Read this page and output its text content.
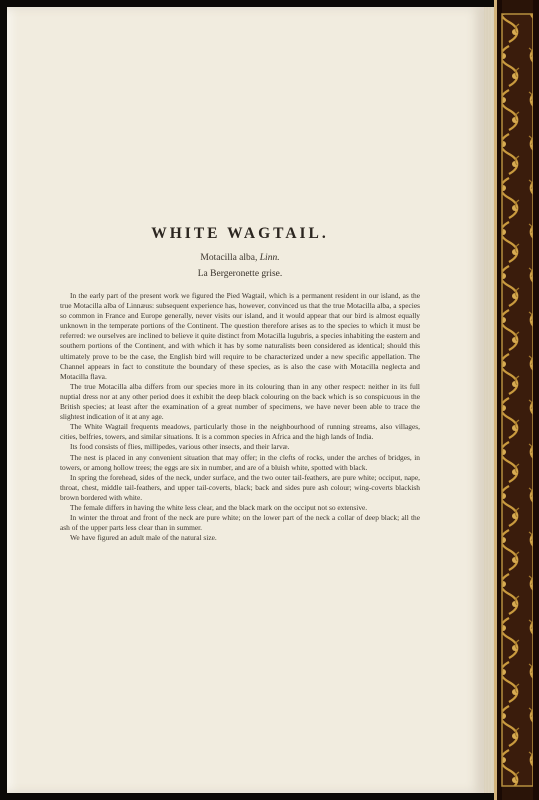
WHITE WAGTAIL.

Motacilla alba, Linn.

La Bergeronette grise.

In the early part of the present work we figured the Pied Wagtail, which is a permanent resident in our island, as the true Motacilla alba of Linnæus: subsequent experience has, however, convinced us that the true Motacilla alba, a species so common in France and Europe generally, never visits our island, and it would appear that our bird is almost equally unknown in the temperate portions of the Continent. The question therefore arises as to the species to which it must be referred: we ourselves are inclined to believe it quite distinct from Motacilla lugubris, a species inhabiting the eastern and southern portions of the Continent, and with which it has by some naturalists been considered as identical; should this ultimately prove to be the case, the English bird will require to be characterized under a new specific appellation. The Channel appears in fact to constitute the boundary of these species, as is also the case with Motacilla neglecta and Motacilla flava.

The true Motacilla alba differs from our species more in its colouring than in any other respect: neither in its full nuptial dress nor at any other period does it exhibit the deep black colouring on the back which is so conspicuous in the British species; at least after the examination of a great number of specimens, we have never been able to trace the slightest indication of it at any age.

The White Wagtail frequents meadows, particularly those in the neighbourhood of running streams, also villages, cities, belfries, towers, and similar situations. It is a common species in Africa and the high lands of India.

Its food consists of flies, millipedes, various other insects, and their larvæ.

The nest is placed in any convenient situation that may offer; in the clefts of rocks, under the arches of bridges, in towers, or among hollow trees; the eggs are six in number, and are of a bluish white, spotted with black.

In spring the forehead, sides of the neck, under surface, and the two outer tail-feathers, are pure white; occiput, nape, throat, chest, middle tail-feathers, and upper tail-coverts, black; back and sides pure ash colour; wing-coverts blackish brown bordered with white.

The female differs in having the white less clear, and the black mark on the occiput not so extensive.

In winter the throat and front of the neck are pure white; on the lower part of the neck a collar of deep black; all the ash of the upper parts less clear than in summer.

We have figured an adult male of the natural size.
